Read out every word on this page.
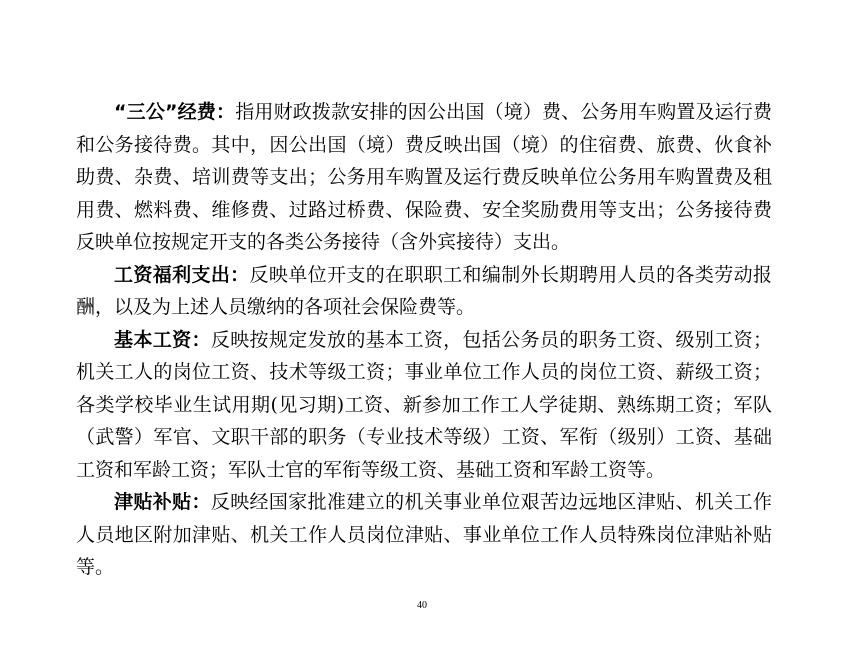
“三公”经费：指用财政拨款安排的因公出国（境）费、公务用车购置及运行费和公务接待费。其中，因公出国（境）费反映出国（境）的住宿费、旅费、伙食补助费、杂费、培训费等支出；公务用车购置及运行费反映单位公务用车购置费及租用费、燃料费、维修费、过路过桥费、保险费、安全奖励费用等支出；公务接待费反映单位按规定开支的各类公务接待（含外宾接待）支出。

工资福利支出：反映单位开支的在职职工和编制外长期聘用人员的各类劳动报酬，以及为上述人员缴纳的各项社会保险费等。

基本工资：反映按规定发放的基本工资，包括公务员的职务工资、级别工资；机关工人的岗位工资、技术等级工资；事业单位工作人员的岗位工资、薪级工资；各类学校毕业生试用期(见习期)工资、新参加工作工人学徒期、熟练期工资；军队（武警）军官、文职干部的职务（专业技术等级）工资、军衔（级别）工资、基础工资和军龄工资；军队士官的军衔等级工资、基础工资和军龄工资等。

津贴补贴：反映经国家批准建立的机关事业单位艰苦边远地区津贴、机关工作人员地区附加津贴、机关工作人员岗位津贴、事业单位工作人员特殊岗位津贴补贴等。

40
